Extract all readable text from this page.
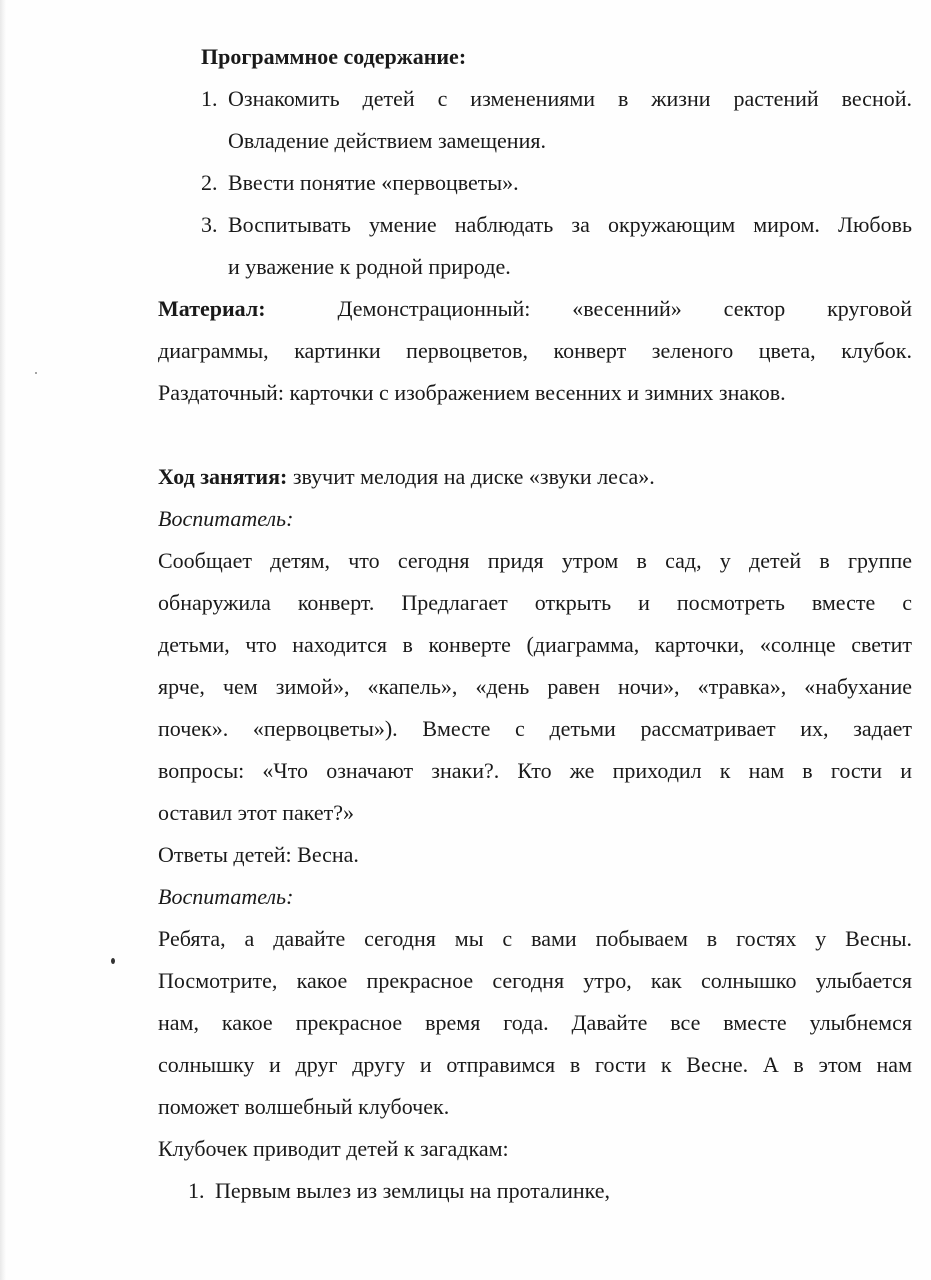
Программное содержание:
1. Ознакомить детей с изменениями в жизни растений весной.
Овладение действием замещения.
2. Ввести понятие «первоцветы».
3. Воспитывать умение наблюдать за окружающим миром. Любовь
и уважение к родной природе.
Материал:	Демонстрационный: «весенний» сектор круговой
диаграммы, картинки первоцветов, конверт зеленого цвета, клубок.
Раздаточный: карточки с изображением весенних и зимних знаков.
Ход занятия: звучит мелодия на диске «звуки леса».
Воспитатель:
Сообщает детям, что сегодня придя утром в сад, у детей в группе
обнаружила конверт. Предлагает открыть и посмотреть вместе с
детьми, что находится в конверте (диаграмма, карточки, «солнце светит
ярче, чем зимой», «капель», «день равен ночи», «травка», «набухание
почек». «первоцветы»). Вместе с детьми рассматривает их, задает
вопросы: «Что означают знаки?. Кто же приходил к нам в гости и
оставил этот пакет?»
Ответы детей: Весна.
Воспитатель:
Ребята, а давайте сегодня мы с вами побываем в гостях у Весны.
Посмотрите, какое прекрасное сегодня утро, как солнышко улыбается
нам, какое прекрасное время года. Давайте все вместе улыбнемся
солнышку и друг другу и отправимся в гости к Весне. А в этом нам
поможет волшебный клубочек.
Клубочек приводит детей к загадкам:
1. Первым вылез из землицы на проталинке,
